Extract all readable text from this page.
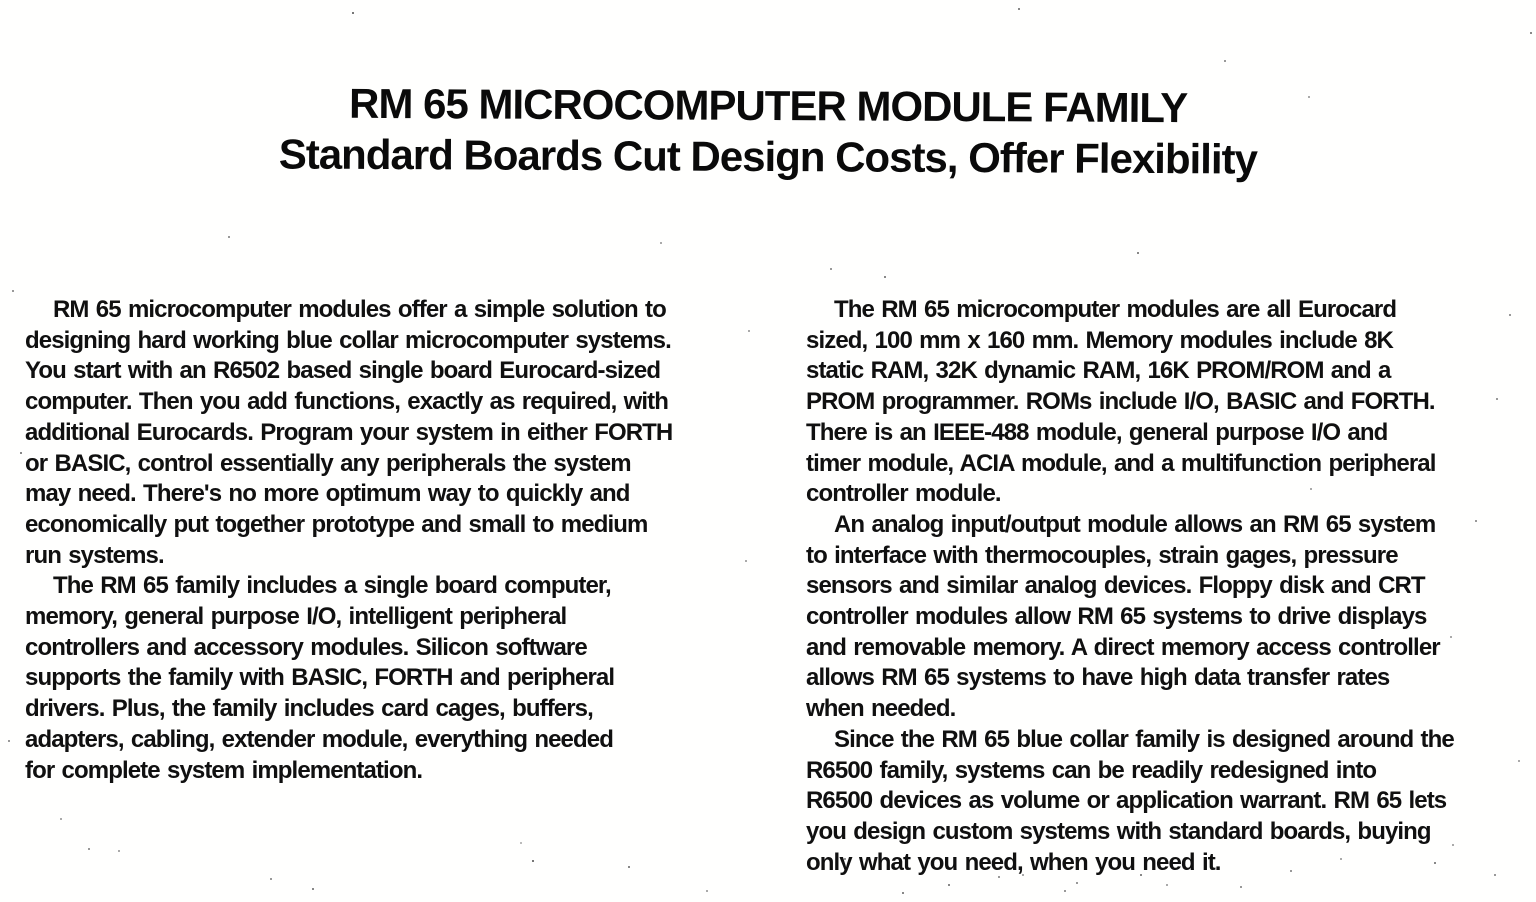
RM 65 MICROCOMPUTER MODULE FAMILY
Standard Boards Cut Design Costs, Offer Flexibility
RM 65 microcomputer modules offer a simple solution to
designing hard working blue collar microcomputer systems.
You start with an R6502 based single board Eurocard-sized
computer. Then you add functions, exactly as required, with
additional Eurocards. Program your system in either FORTH
or BASIC, control essentially any peripherals the system
may need. There's no more optimum way to quickly and
economically put together prototype and small to medium
run systems.
The RM 65 family includes a single board computer,
memory, general purpose I/O, intelligent peripheral
controllers and accessory modules. Silicon software
supports the family with BASIC, FORTH and peripheral
drivers. Plus, the family includes card cages, buffers,
adapters, cabling, extender module, everything needed
for complete system implementation.
The RM 65 microcomputer modules are all Eurocard
sized, 100 mm x 160 mm. Memory modules include 8K
static RAM, 32K dynamic RAM, 16K PROM/ROM and a
PROM programmer. ROMs include I/O, BASIC and FORTH.
There is an IEEE-488 module, general purpose I/O and
timer module, ACIA module, and a multifunction peripheral
controller module.
An analog input/output module allows an RM 65 system
to interface with thermocouples, strain gages, pressure
sensors and similar analog devices. Floppy disk and CRT
controller modules allow RM 65 systems to drive displays
and removable memory. A direct memory access controller
allows RM 65 systems to have high data transfer rates
when needed.
Since the RM 65 blue collar family is designed around the
R6500 family, systems can be readily redesigned into
R6500 devices as volume or application warrant. RM 65 lets
you design custom systems with standard boards, buying
only what you need, when you need it.
